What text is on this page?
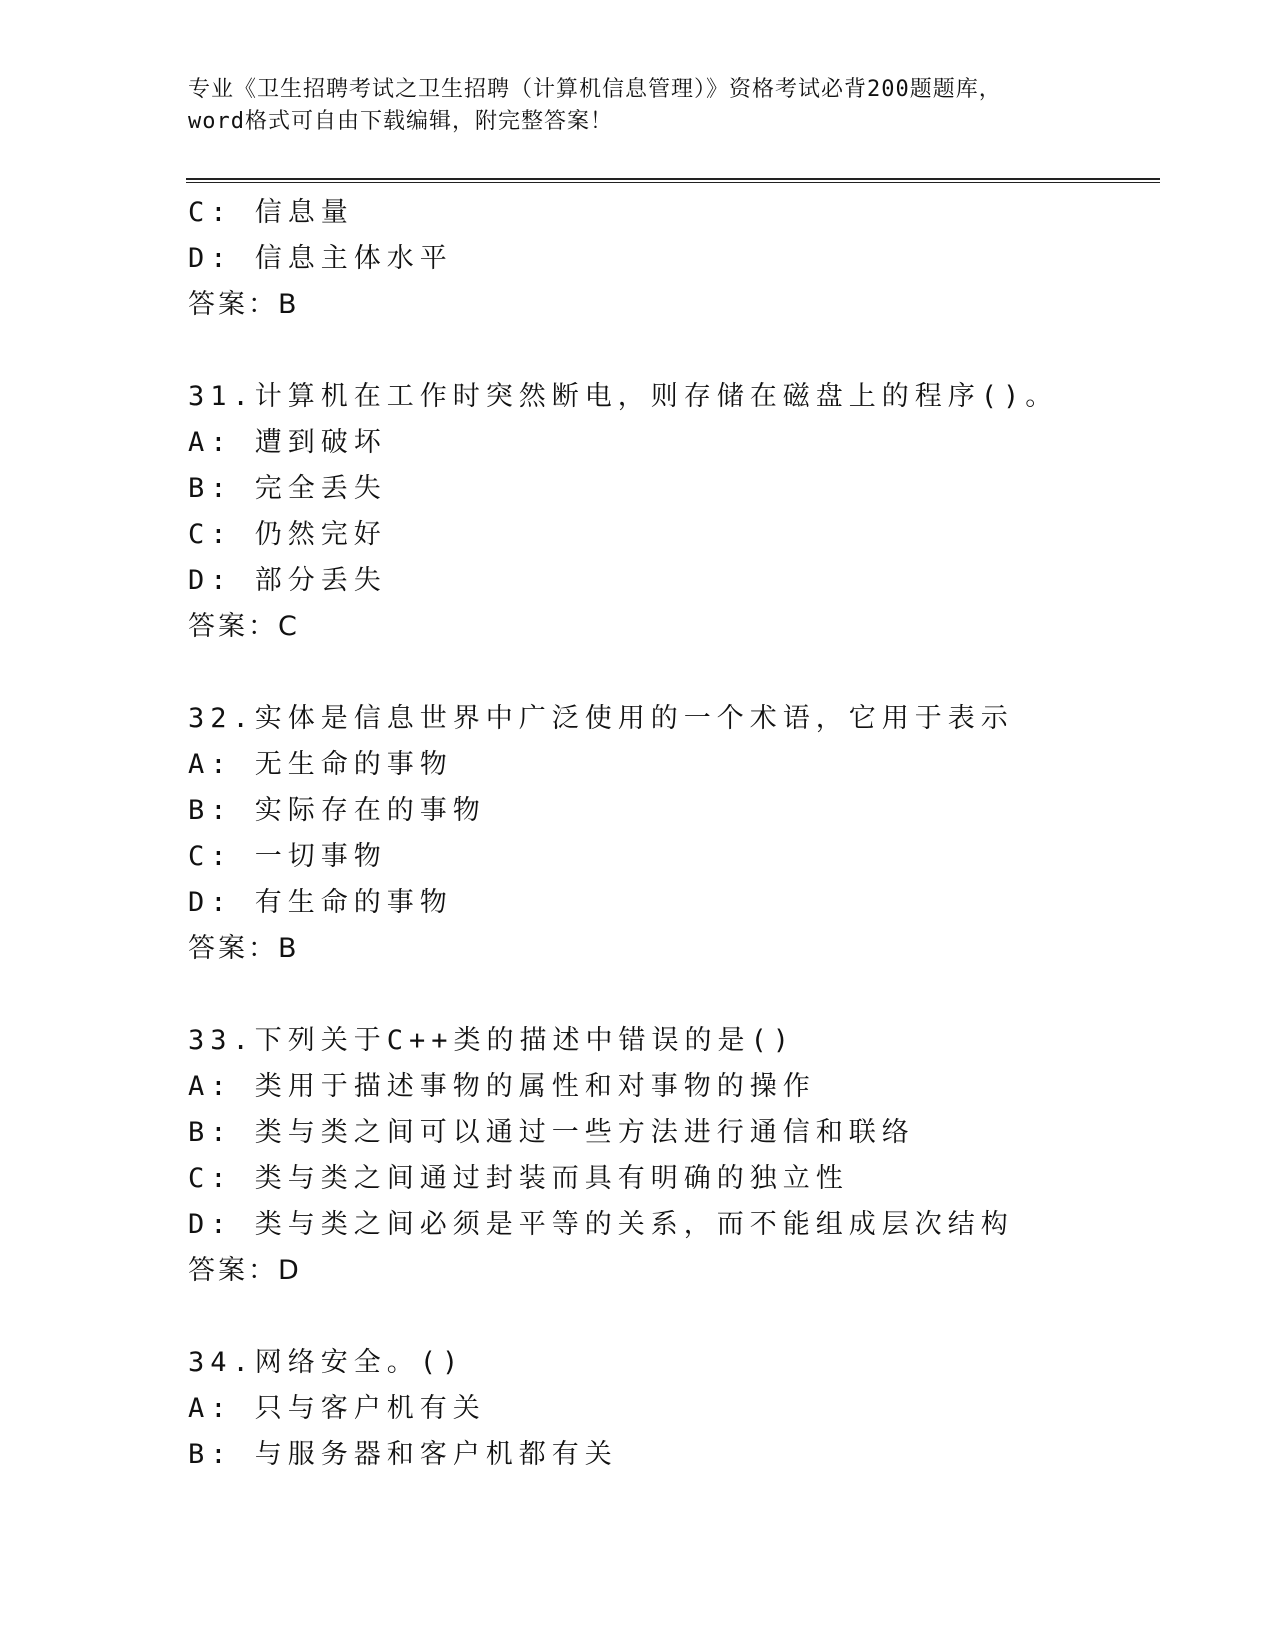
专业《卫生招聘考试之卫生招聘（计算机信息管理）》资格考试必背200题题库，
word格式可自由下载编辑，附完整答案！
C: 信息量
D: 信息主体水平
答案：B
31.计算机在工作时突然断电，则存储在磁盘上的程序()。
A: 遭到破坏
B: 完全丢失
C: 仍然完好
D: 部分丢失
答案：C
32.实体是信息世界中广泛使用的一个术语，它用于表示
A: 无生命的事物
B: 实际存在的事物
C: 一切事物
D: 有生命的事物
答案：B
33.下列关于C++类的描述中错误的是()
A: 类用于描述事物的属性和对事物的操作
B: 类与类之间可以通过一些方法进行通信和联络
C: 类与类之间通过封装而具有明确的独立性
D: 类与类之间必须是平等的关系，而不能组成层次结构
答案：D
34.网络安全。()
A: 只与客户机有关
B: 与服务器和客户机都有关
